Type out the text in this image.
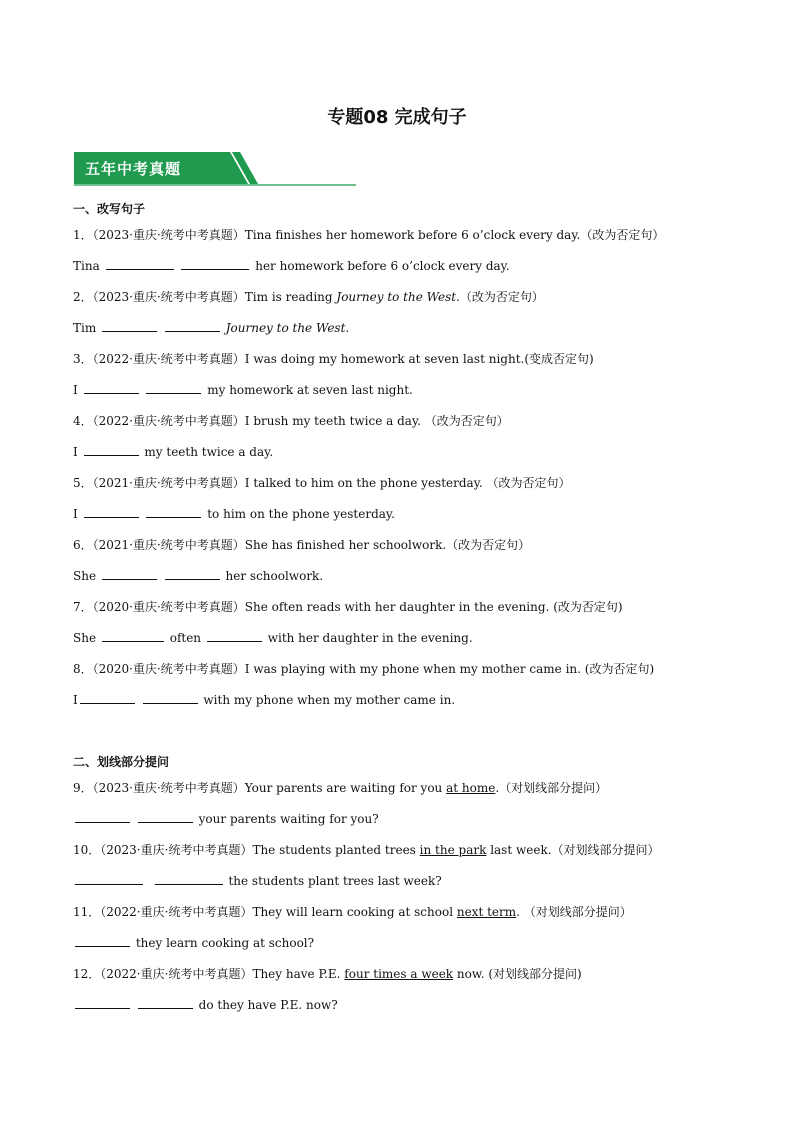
专题08 完成句子
五年中考真题
一、改写句子
1．（2023·重庆·统考中考真题）Tina finishes her homework before 6 o’clock every day.（改为否定句）
Tina	her homework before 6 o’clock every day.
2．（2023·重庆·统考中考真题）Tim is reading Journey to the West.（改为否定句）
Tim	Journey to the West.
3．（2022·重庆·统考中考真题）I was doing my homework at seven last night.(变成否定句)
I	my homework at seven last night.
4．（2022·重庆·统考中考真题）I brush my teeth twice a day. （改为否定句）
I	my teeth twice a day.
5．（2021·重庆·统考中考真题）I talked to him on the phone yesterday. （改为否定句）
I	to him on the phone yesterday.
6．（2021·重庆·统考中考真题）She has finished her schoolwork.（改为否定句）
She	her schoolwork.
7．（2020·重庆·统考中考真题）She often reads with her daughter in the evening. (改为否定句)
She	often	with her daughter in the evening.
8．（2020·重庆·统考中考真题）I was playing with my phone when my mother came in. (改为否定句)
I	with my phone when my mother came in.
二、划线部分提问
9．（2023·重庆·统考中考真题）Your parents are waiting for you at home.（对划线部分提问）
your parents waiting for you?
10．（2023·重庆·统考中考真题）The students planted trees in the park last week.（对划线部分提问）
the students plant trees last week?
11．（2022·重庆·统考中考真题）They will learn cooking at school next term. （对划线部分提问）
they learn cooking at school?
12．（2022·重庆·统考中考真题）They have P.E. four times a week now. (对划线部分提问)
do they have P.E. now?
